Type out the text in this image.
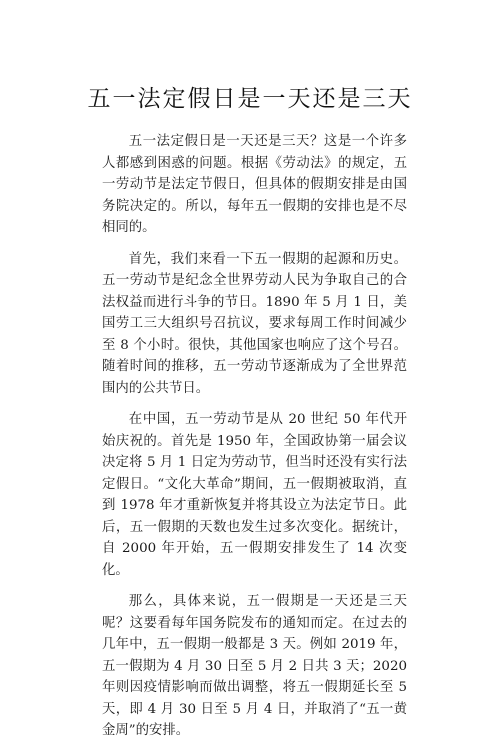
五一法定假日是一天还是三天

五一法定假日是一天还是三天？这是一个许多人都感到困惑的问题。根据《劳动法》的规定，五一劳动节是法定节假日，但具体的假期安排是由国务院决定的。所以，每年五一假期的安排也是不尽相同的。

首先，我们来看一下五一假期的起源和历史。五一劳动节是纪念全世界劳动人民为争取自己的合法权益而进行斗争的节日。1890 年 5 月 1 日，美国劳工三大组织号召抗议，要求每周工作时间减少至 8 个小时。很快，其他国家也响应了这个号召。随着时间的推移，五一劳动节逐渐成为了全世界范围内的公共节日。

在中国，五一劳动节是从 20 世纪 50 年代开始庆祝的。首先是 1950 年，全国政协第一届会议决定将 5 月 1 日定为劳动节，但当时还没有实行法定假日。“文化大革命”期间，五一假期被取消，直到 1978 年才重新恢复并将其设立为法定节日。此后，五一假期的天数也发生过多次变化。据统计，自 2000 年开始，五一假期安排发生了 14 次变化。

那么，具体来说，五一假期是一天还是三天呢？这要看每年国务院发布的通知而定。在过去的几年中，五一假期一般都是 3 天。例如 2019 年，五一假期为 4 月 30 日至 5 月 2 日共 3 天；2020 年则因疫情影响而做出调整，将五一假期延长至 5 天，即 4 月 30 日至 5 月 4 日，并取消了“五一黄金周”的安排。
